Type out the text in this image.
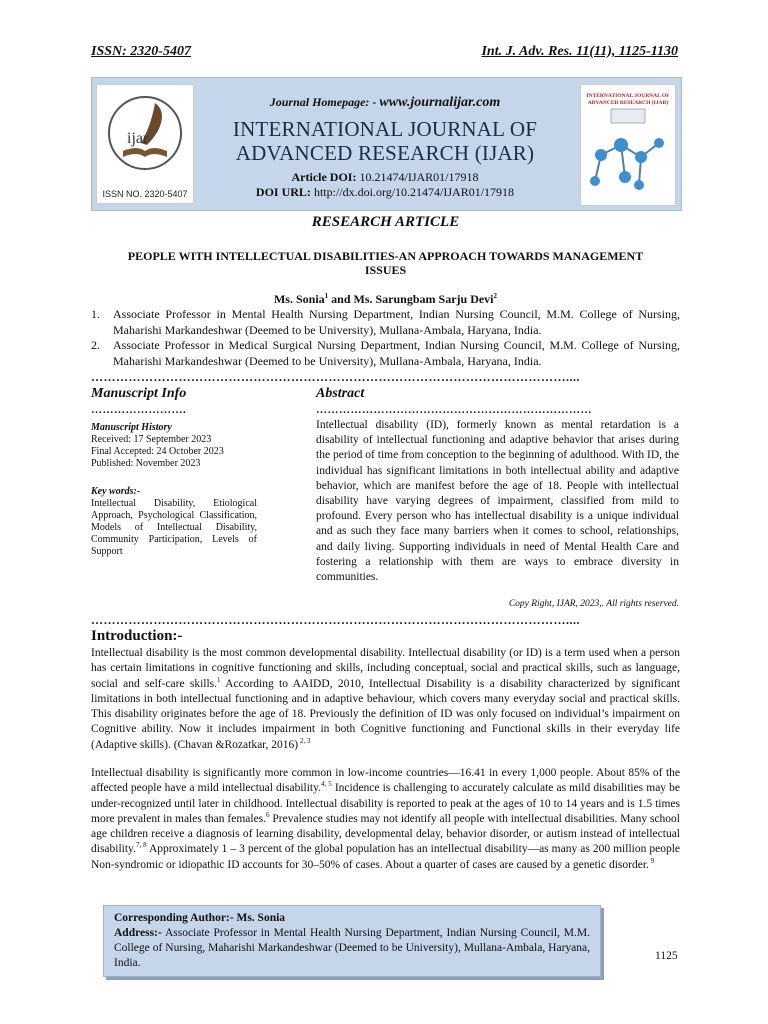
ISSN: 2320-5407	Int. J. Adv. Res. 11(11), 1125-1130
ijar
ISSN NO. 2320-5407
INTERNATIONAL JOURNAL OF
ADVANCED RESEARCH (IJAR)
Journal Homepage: - www.journalijar.com
INTERNATIONAL JOURNAL OF
ADVANCED RESEARCH (IJAR)
Article DOI: 10.21474/IJAR01/17918
DOI URL: http://dx.doi.org/10.21474/IJAR01/17918
RESEARCH ARTICLE
PEOPLE WITH INTELLECTUAL DISABILITIES-AN APPROACH TOWARDS MANAGEMENT
ISSUES
Ms. Sonia$^1$ and Ms. Sarungbam Sarju Devi$^2$
1.	Associate Professor in Mental Health Nursing Department, Indian Nursing Council, M.M. College of Nursing, Maharishi Markandeshwar (Deemed to be University), Mullana-Ambala, Haryana, India.
2.	Associate Professor in Medical Surgical Nursing Department, Indian Nursing Council, M.M. College of Nursing, Maharishi Markandeshwar (Deemed to be University), Mullana-Ambala, Haryana, India.
……………………………………………………………………………………………………....
Manuscript Info
…………………….
Manuscript History
Received: 17 September 2023
Final Accepted: 24 October 2023
Published: November 2023
Key words:-
Intellectual Disability, Etiological Approach, Psychological Classification, Models of Intellectual Disability, Community Participation, Levels of Support
Abstract
………………………………………………………………
Intellectual disability (ID), formerly known as mental retardation is a disability of intellectual functioning and adaptive behavior that arises during the period of time from conception to the beginning of adulthood. With ID, the individual has significant limitations in both intellectual ability and adaptive behavior, which are manifest before the age of 18. People with intellectual disability have varying degrees of impairment, classified from mild to profound. Every person who has intellectual disability is a unique individual and as such they face many barriers when it comes to school, relationships, and daily living. Supporting individuals in need of Mental Health Care and fostering a relationship with them are ways to embrace diversity in communities.
Copy Right, IJAR, 2023,. All rights reserved.
……………………………………………………………………………………………………....
Introduction:-
Intellectual disability is the most common developmental disability. Intellectual disability (or ID) is a term used when a person has certain limitations in cognitive functioning and skills, including conceptual, social and practical skills, such as language, social and self-care skills.$^1$ According to AAIDD, 2010, Intellectual Disability is a disability characterized by significant limitations in both intellectual functioning and in adaptive behaviour, which covers many everyday social and practical skills. This disability originates before the age of 18. Previously the definition of ID was only focused on individual’s impairment on Cognitive ability. Now it includes impairment in both Cognitive functioning and Functional skills in their everyday life (Adaptive skills). (Chavan &Rozatkar, 2016) $^{2, 3}$
Intellectual disability is significantly more common in low-income countries—16.41 in every 1,000 people. About 85% of the affected people have a mild intellectual disability.$^{4, 5}$ Incidence is challenging to accurately calculate as mild disabilities may be under-recognized until later in childhood. Intellectual disability is reported to peak at the ages of 10 to 14 years and is 1.5 times more prevalent in males than females.$^6$ Prevalence studies may not identify all people with intellectual disabilities. Many school age children receive a diagnosis of learning disability, developmental delay, behavior disorder, or autism instead of intellectual disability.$^{7, 8}$ Approximately 1 – 3 percent of the global population has an intellectual disability—as many as 200 million people Non-syndromic or idiopathic ID accounts for 30–50% of cases. About a quarter of cases are caused by a genetic disorder. $^9$
Corresponding Author:- Ms. Sonia
Address:- Associate Professor in Mental Health Nursing Department, Indian Nursing Council, M.M. College of Nursing, Maharishi Markandeshwar (Deemed to be University), Mullana-Ambala, Haryana, India.
1125
